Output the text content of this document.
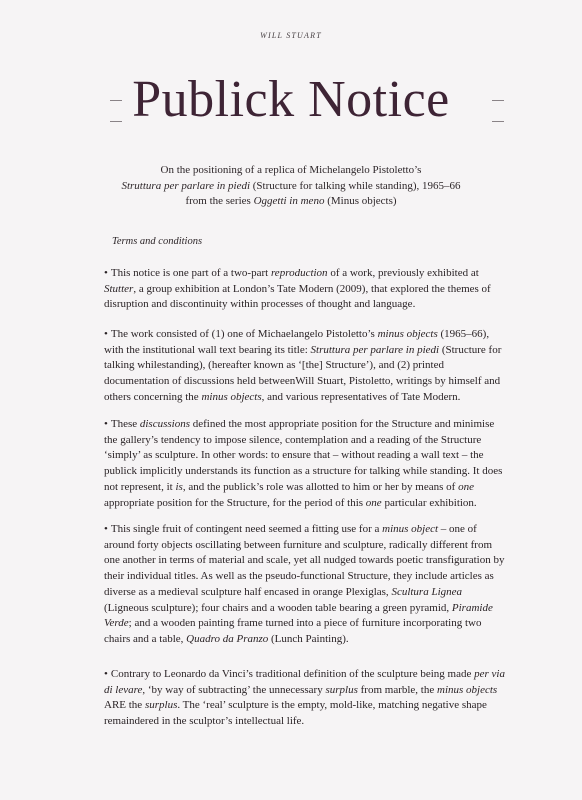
WILL STUART
Publick Notice
On the positioning of a replica of Michelangelo Pistoletto’s
Struttura per parlare in piedi (Structure for talking while standing), 1965–66
from the series Oggetti in meno (Minus objects)
Terms and conditions

• This notice is one part of a two-part reproduction of a work, previously exhibited at Stutter, a group exhibition at London’s Tate Modern (2009), that explored the themes of disruption and discontinuity within processes of thought and language.

• The work consisted of (1) one of Michaelangelo Pistoletto’s minus objects (1965–66), with the institutional wall text bearing its title: Struttura per parlare in piedi (Structure for talking whilestanding), (hereafter known as ‘[the] Structure’), and (2) printed documentation of discussions held betweenWill Stuart, Pistoletto, writings by himself and others concerning the minus objects, and various representatives of Tate Modern.

• These discussions defined the most appropriate position for the Structure and minimise the gallery’s tendency to impose silence, contemplation and a reading of the Structure ‘simply’ as sculpture. In other words: to ensure that – without reading a wall text – the publick implicitly understands its function as a structure for talking while standing. It does not represent, it is, and the publick’s role was allotted to him or her by means of one appropriate position for the Structure, for the period of this one particular exhibition.

• This single fruit of contingent need seemed a fitting use for a minus object – one of around forty objects oscillating between furniture and sculpture, radically different from one another in terms of material and scale, yet all nudged towards poetic transfiguration by their individual titles. As well as the pseudo-functional Structure, they include articles as diverse as a medieval sculpture half encased in orange Plexiglas, Scultura Lignea (Ligneous sculpture); four chairs and a wooden table bearing a green pyramid, Piramide Verde; and a wooden painting frame turned into a piece of furniture incorporating two chairs and a table, Quadro da Pranzo (Lunch Painting).

• Contrary to Leonardo da Vinci’s traditional definition of the sculpture being made per via di levare, ‘by way of subtracting’ the unnecessary surplus from marble, the minus objects ARE the surplus. The ‘real’ sculpture is the empty, mold-like, matching negative shape remaindered in the sculptor’s intellectual life.
